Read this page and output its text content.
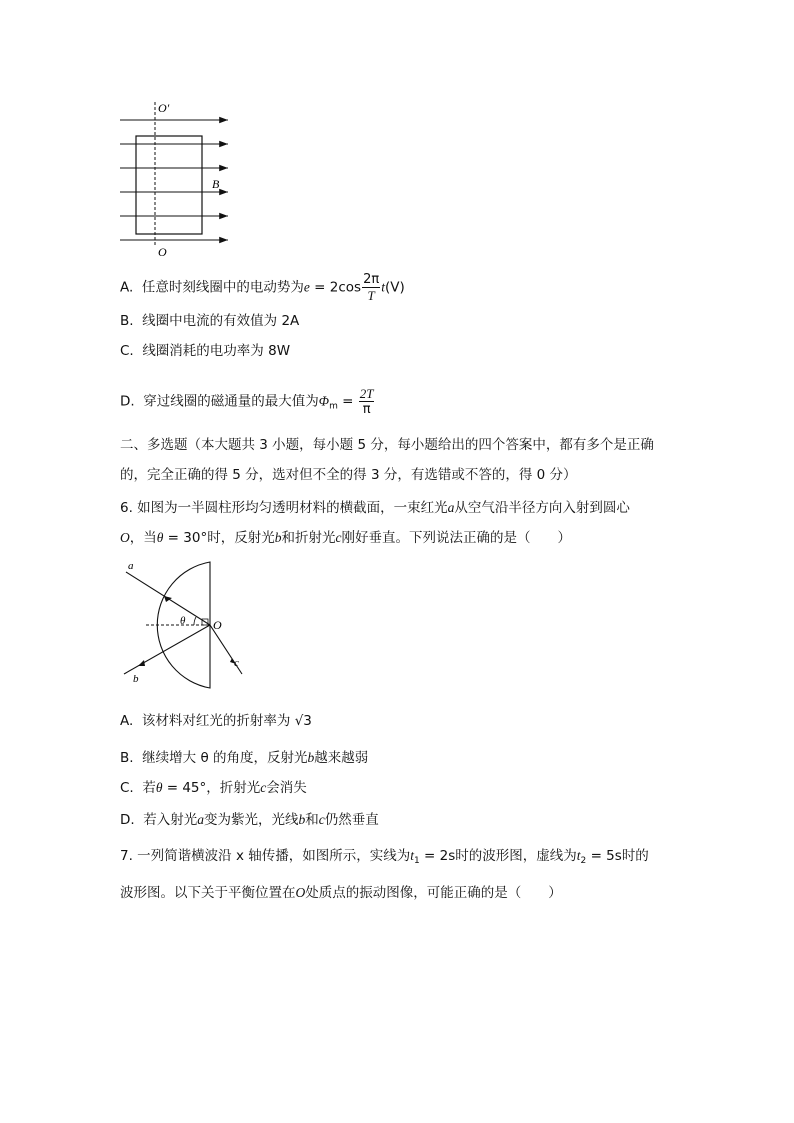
O′
O
B
A. 任意时刻线圈中的电动势为$e = 2\cos \frac{2\pi}{T} t(V)$
B. 线圈中电流的有效值为 2A
C. 线圈消耗的电功率为 8W
D. 穿过线圈的磁通量的最大值为$\Phi_m = \frac{2T}{\pi}$
二、多选题（本大题共 3 小题，每小题 5 分，每小题给出的四个答案中，都有多个是正确
的，完全正确的得 5 分，选对但不全的得 3 分，有选错或不答的，得 0 分）
6. 如图为一半圆柱形均匀透明材料的横截面，一束红光a从空气沿半径方向入射到圆心
O，当θ = 30°时，反射光b和折射光c刚好垂直。下列说法正确的是（　　）
a
b
c
O
θ
A. 该材料对红光的折射率为 √3
B. 继续增大 θ 的角度，反射光b越来越弱
C. 若θ = 45°，折射光c会消失
D. 若入射光a变为紫光，光线b和c仍然垂直
7. 一列简谐横波沿 x 轴传播，如图所示，实线为$t_1 = 2s$时的波形图，虚线为$t_2 = 5s$时的
波形图。以下关于平衡位置在O处质点的振动图像，可能正确的是（　　）
